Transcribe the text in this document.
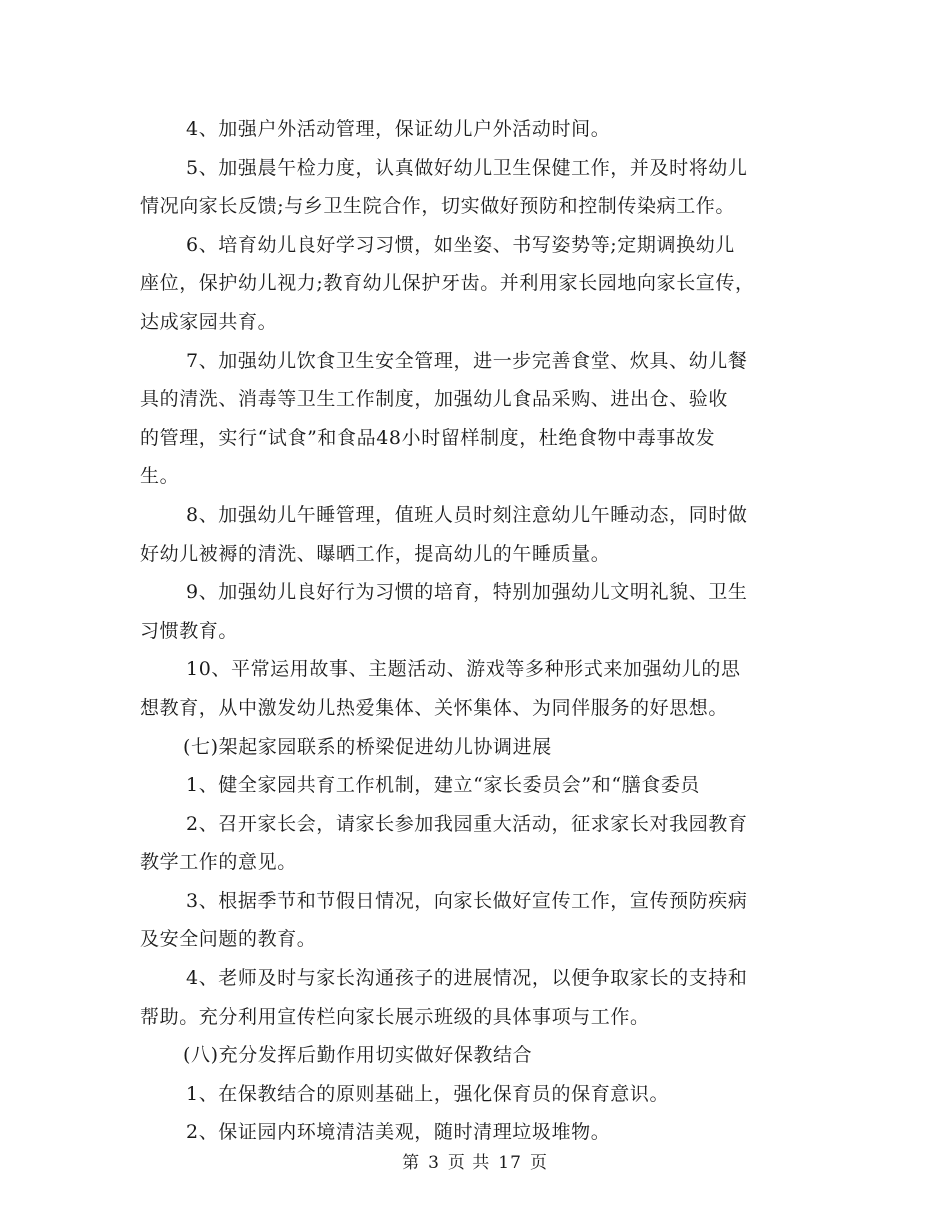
4、加强户外活动管理，保证幼儿户外活动时间。
5、加强晨午检力度，认真做好幼儿卫生保健工作，并及时将幼儿
情况向家长反馈;与乡卫生院合作，切实做好预防和控制传染病工作。
6、培育幼儿良好学习习惯，如坐姿、书写姿势等;定期调换幼儿
座位，保护幼儿视力;教育幼儿保护牙齿。并利用家长园地向家长宣传，
达成家园共育。
7、加强幼儿饮食卫生安全管理，进一步完善食堂、炊具、幼儿餐
具的清洗、消毒等卫生工作制度，加强幼儿食品采购、进出仓、验收
的管理，实行“试食”和食品48小时留样制度，杜绝食物中毒事故发
生。
8、加强幼儿午睡管理，值班人员时刻注意幼儿午睡动态，同时做
好幼儿被褥的清洗、曝晒工作，提高幼儿的午睡质量。
9、加强幼儿良好行为习惯的培育，特别加强幼儿文明礼貌、卫生
习惯教育。
10、平常运用故事、主题活动、游戏等多种形式来加强幼儿的思
想教育，从中激发幼儿热爱集体、关怀集体、为同伴服务的好思想。
(七)架起家园联系的桥梁促进幼儿协调进展
1、健全家园共育工作机制，建立“家长委员会”和“膳食委员
2、召开家长会，请家长参加我园重大活动，征求家长对我园教育
教学工作的意见。
3、根据季节和节假日情况，向家长做好宣传工作，宣传预防疾病
及安全问题的教育。
4、老师及时与家长沟通孩子的进展情况，以便争取家长的支持和
帮助。充分利用宣传栏向家长展示班级的具体事项与工作。
(八)充分发挥后勤作用切实做好保教结合
1、在保教结合的原则基础上，强化保育员的保育意识。
2、保证园内环境清洁美观，随时清理垃圾堆物。
第 3 页 共 17 页
